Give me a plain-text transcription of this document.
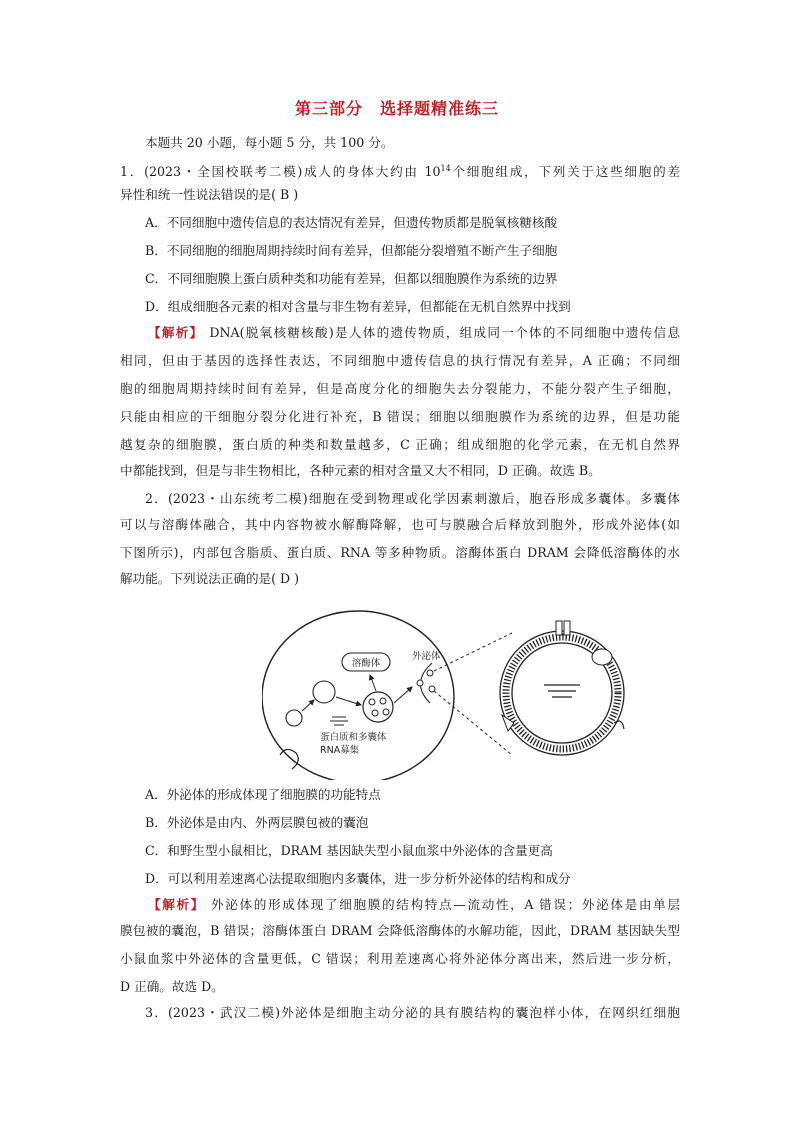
第三部分　选择题精准练三
本题共 20 小题，每小题 5 分，共 100 分。
1．(2023・全国校联考二模)成人的身体大约由 $10^{14}$个细胞组成，下列关于这些细胞的差
异性和统一性说法错误的是( B )
A．不同细胞中遗传信息的表达情况有差异，但遗传物质都是脱氧核糖核酸
B．不同细胞的细胞周期持续时间有差异，但都能分裂增殖不断产生子细胞
C．不同细胞膜上蛋白质种类和功能有差异，但都以细胞膜作为系统的边界
D．组成细胞各元素的相对含量与非生物有差异，但都能在无机自然界中找到
【解析】 DNA(脱氧核糖核酸)是人体的遗传物质，组成同一个体的不同细胞中遗传信息
相同，但由于基因的选择性表达，不同细胞中遗传信息的执行情况有差异，A 正确；不同细
胞的细胞周期持续时间有差异，但是高度分化的细胞失去分裂能力，不能分裂产生子细胞，
只能由相应的干细胞分裂分化进行补充，B 错误；细胞以细胞膜作为系统的边界，但是功能
越复杂的细胞膜，蛋白质的种类和数量越多，C 正确；组成细胞的化学元素，在无机自然界
中都能找到，但是与非生物相比，各种元素的相对含量又大不相同，D 正确。故选 B。
2．(2023・山东统考二模)细胞在受到物理或化学因素刺激后，胞吞形成多囊体。多囊体
可以与溶酶体融合，其中内容物被水解酶降解，也可与膜融合后释放到胞外，形成外泌体(如
下图所示)，内部包含脂质、蛋白质、RNA 等多种物质。溶酶体蛋白 DRAM 会降低溶酶体的水
解功能。下列说法正确的是( D )
溶酶体
蛋白质和多囊体
RNA募集
外泌体
A．外泌体的形成体现了细胞膜的功能特点
B．外泌体是由内、外两层膜包被的囊泡
C．和野生型小鼠相比，DRAM 基因缺失型小鼠血浆中外泌体的含量更高
D．可以利用差速离心法提取细胞内多囊体，进一步分析外泌体的结构和成分
【解析】 外泌体的形成体现了细胞膜的结构特点—流动性，A 错误；外泌体是由单层
膜包被的囊泡，B 错误；溶酶体蛋白 DRAM 会降低溶酶体的水解功能，因此，DRAM 基因缺失型
小鼠血浆中外泌体的含量更低，C 错误；利用差速离心将外泌体分离出来，然后进一步分析，
D 正确。故选 D。
3．(2023・武汉二模)外泌体是细胞主动分泌的具有膜结构的囊泡样小体，在网织红细胞
